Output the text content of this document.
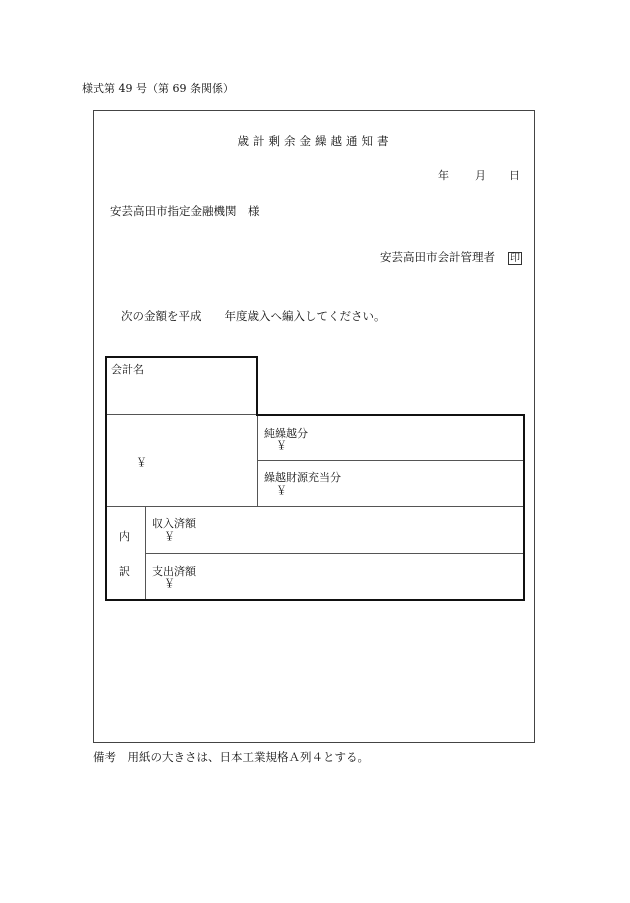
様式第 49 号（第 69 条関係）
歳計剰余金繰越通知書
年 月 日
安芸高田市指定金融機関　様
安芸高田市会計管理者 印
次の金額を平成　　年度歳入へ編入してください。
会計名
￥
純繰越分
￥
繰越財源充当分
￥
内
訳
収入済額
￥
支出済額
￥
備考　用紙の大きさは、日本工業規格Ａ列４とする。
